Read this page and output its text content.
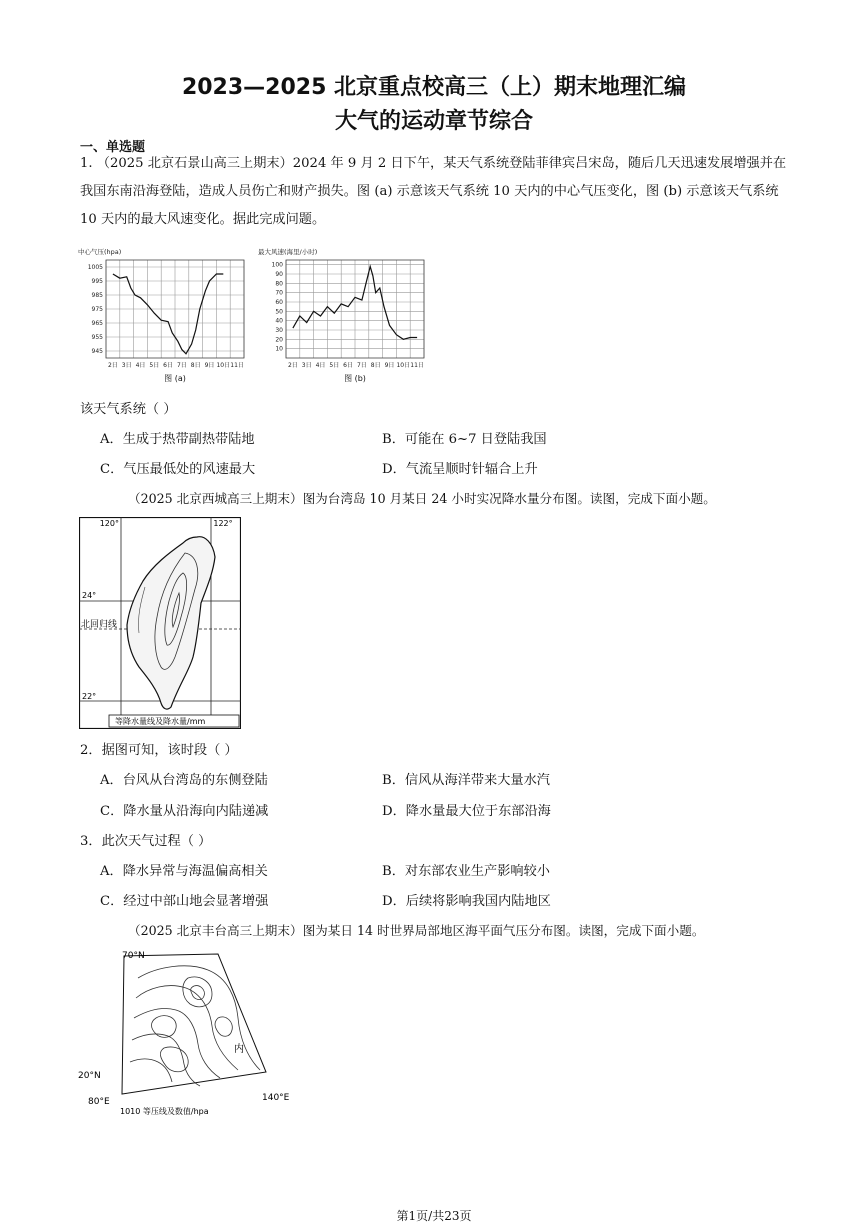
2023—2025 北京重点校高三（上）期末地理汇编
大气的运动章节综合
一、单选题
1. （2025 北京石景山高三上期末）2024 年 9 月 2 日下午，某天气系统登陆菲律宾吕宋岛，随后几天迅速发展增强并在我国东南沿海登陆，造成人员伤亡和财产损失。图 (a) 示意该天气系统 10 天内的中心气压变化，图 (b) 示意该天气系统 10 天内的最大风速变化。据此完成问题。
中心气压(hpa)
945
955
965
975
985
995
1005
2日 3日 4日 5日 6日 7日 8日 9日 10日 11日
图 (a)
最大风速(海里/小时)
10
20
30
40
50
60
70
80
90
100
2日 3日 4日 5日 6日 7日 8日 9日 10日 11日
图 (b)
该天气系统（ ）
A．生成于热带副热带陆地	B．可能在 6~7 日登陆我国
C．气压最低处的风速最大	D．气流呈顺时针辐合上升
（2025 北京西城高三上期末）图为台湾岛 10 月某日 24 小时实况降水量分布图。读图，完成下面小题。
120°	122°
24°
北回归线
22°
等降水量线及降水量/mm
2．据图可知，该时段（ ）
A．台风从台湾岛的东侧登陆	B．信风从海洋带来大量水汽
C．降水量从沿海向内陆递减	D．降水量最大位于东部沿海
3．此次天气过程（ ）
A．降水异常与海温偏高相关	B．对东部农业生产影响较小
C．经过中部山地会显著增强	D．后续将影响我国内陆地区
（2025 北京丰台高三上期末）图为某日 14 时世界局部地区海平面气压分布图。读图，完成下面小题。
70°N
20°N
80°E	140°E
内
1010 等压线及数值/hpa
第1页/共23页
